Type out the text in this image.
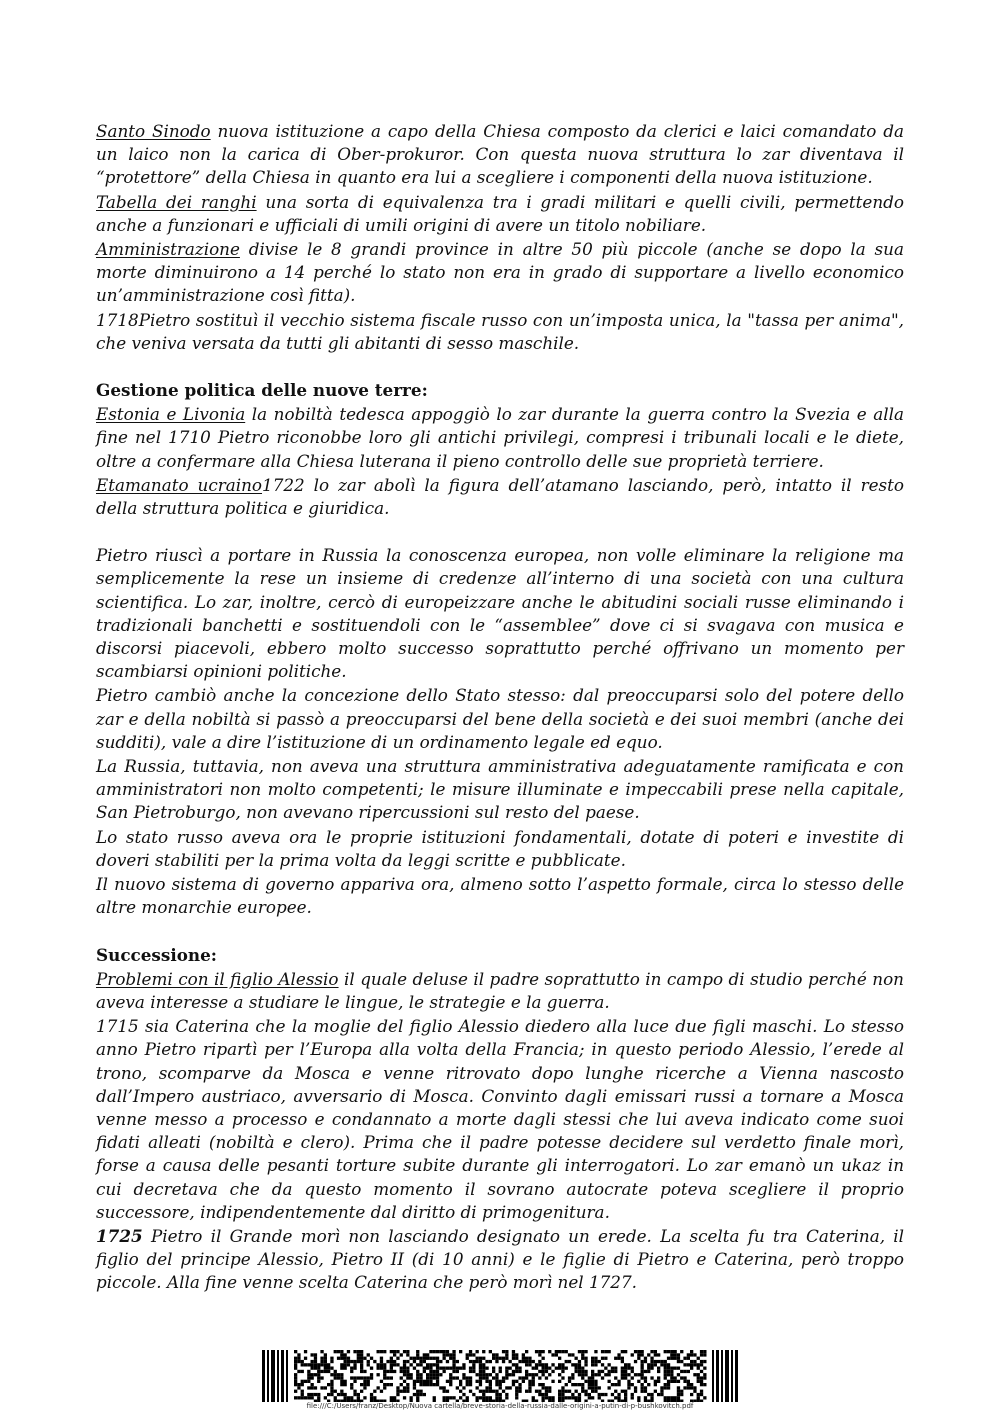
Santo Sinodo nuova istituzione a capo della Chiesa composto da clerici e laici comandato da un laico non la carica di Ober-prokuror. Con questa nuova struttura lo zar diventava il “protettore” della Chiesa in quanto era lui a scegliere i componenti della nuova istituzione.

Tabella dei ranghi una sorta di equivalenza tra i gradi militari e quelli civili, permettendo anche a funzionari e ufficiali di umili origini di avere un titolo nobiliare.

Amministrazione divise le 8 grandi province in altre 50 più piccole (anche se dopo la sua morte diminuirono a 14 perché lo stato non era in grado di supportare a livello economico un’amministrazione così fitta).

1718Pietro sostituì il vecchio sistema fiscale russo con un’imposta unica, la "tassa per anima", che veniva versata da tutti gli abitanti di sesso maschile.

Gestione politica delle nuove terre:

Estonia e Livonia la nobiltà tedesca appoggiò lo zar durante la guerra contro la Svezia e alla fine nel 1710 Pietro riconobbe loro gli antichi privilegi, compresi i tribunali locali e le diete, oltre a confermare alla Chiesa luterana il pieno controllo delle sue proprietà terriere.

Etamanato ucraino1722 lo zar abolì la figura dell’atamano lasciando, però, intatto il resto della struttura politica e giuridica.

Pietro riuscì a portare in Russia la conoscenza europea, non volle eliminare la religione ma semplicemente la rese un insieme di credenze all’interno di una società con una cultura scientifica. Lo zar, inoltre, cercò di europeizzare anche le abitudini sociali russe eliminando i tradizionali banchetti e sostituendoli con le “assemblee” dove ci si svagava con musica e discorsi piacevoli, ebbero molto successo soprattutto perché offrivano un momento per scambiarsi opinioni politiche.

Pietro cambiò anche la concezione dello Stato stesso: dal preoccuparsi solo del potere dello zar e della nobiltà si passò a preoccuparsi del bene della società e dei suoi membri (anche dei sudditi), vale a dire l’istituzione di un ordinamento legale ed equo.

La Russia, tuttavia, non aveva una struttura amministrativa adeguatamente ramificata e con amministratori non molto competenti; le misure illuminate e impeccabili prese nella capitale, San Pietroburgo, non avevano ripercussioni sul resto del paese.

Lo stato russo aveva ora le proprie istituzioni fondamentali, dotate di poteri e investite di doveri stabiliti per la prima volta da leggi scritte e pubblicate.

Il nuovo sistema di governo appariva ora, almeno sotto l’aspetto formale, circa lo stesso delle altre monarchie europee.

Successione:

Problemi con il figlio Alessio il quale deluse il padre soprattutto in campo di studio perché non aveva interesse a studiare le lingue, le strategie e la guerra.

1715 sia Caterina che la moglie del figlio Alessio diedero alla luce due figli maschi. Lo stesso anno Pietro ripartì per l’Europa alla volta della Francia; in questo periodo Alessio, l’erede al trono, scomparve da Mosca e venne ritrovato dopo lunghe ricerche a Vienna nascosto dall’Impero austriaco, avversario di Mosca. Convinto dagli emissari russi a tornare a Mosca venne messo a processo e condannato a morte dagli stessi che lui aveva indicato come suoi fidati alleati (nobiltà e clero). Prima che il padre potesse decidere sul verdetto finale morì, forse a causa delle pesanti torture subite durante gli interrogatori. Lo zar emanò un ukaz in cui decretava che da questo momento il sovrano autocrate poteva scegliere il proprio successore, indipendentemente dal diritto di primogenitura.

1725 Pietro il Grande morì non lasciando designato un erede. La scelta fu tra Caterina, il figlio del principe Alessio, Pietro II (di 10 anni) e le figlie di Pietro e Caterina, però troppo piccole. Alla fine venne scelta Caterina che però morì nel 1727.

file:///C:/Users/franz/Desktop/Nuova cartella/breve-storia-della-russia-dalle-origini-a-putin-di-p-bushkovitch.pdf
